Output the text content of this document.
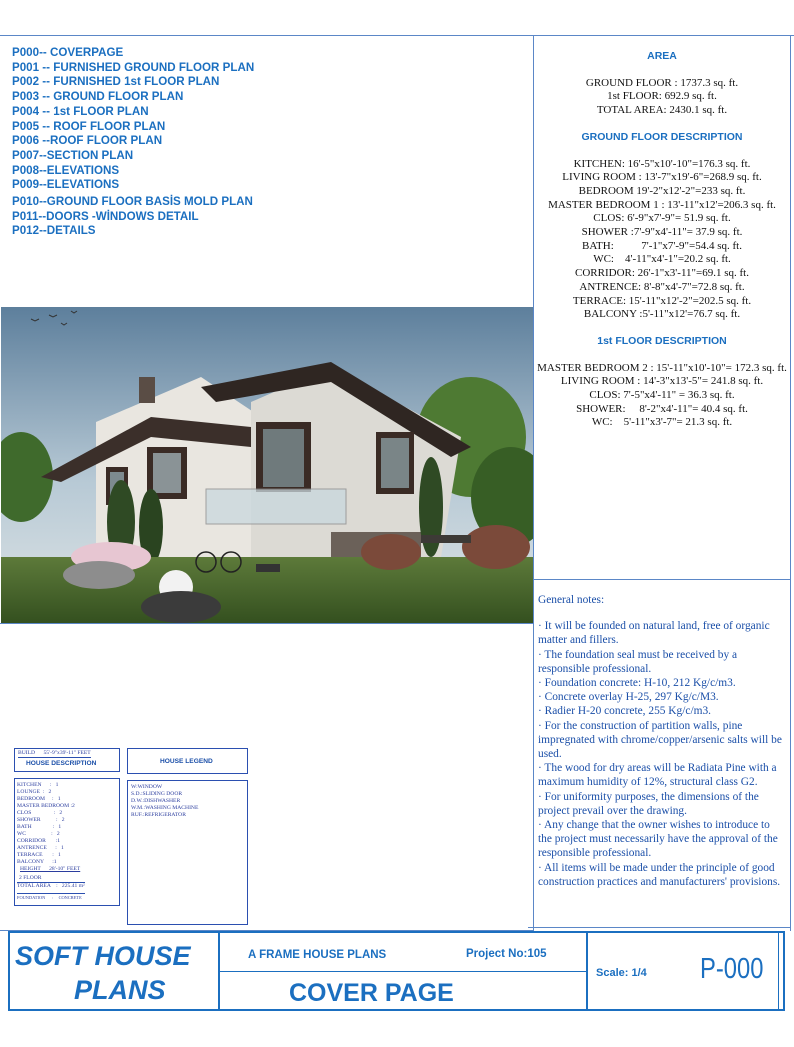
P000-- COVERPAGE
P001 -- FURNISHED GROUND FLOOR PLAN
P002 -- FURNISHED 1st FLOOR PLAN
P003 -- GROUND FLOOR PLAN
P004 -- 1st FLOOR PLAN
P005 -- ROOF FLOOR PLAN
P006 --ROOF FLOOR PLAN
P007--SECTION PLAN
P008--ELEVATIONS
P009--ELEVATIONS
P010--GROUND FLOOR BASİS MOLD PLAN
P011--DOORS -WİNDOWS DETAIL
P012--DETAILS
AREA
GROUND FLOOR : 1737.3 sq. ft.
1st FLOOR: 692.9 sq. ft.
TOTAL AREA: 2430.1 sq. ft.
GROUND FLOOR DESCRIPTION
KITCHEN: 16'-5"x10'-10"=176.3 sq. ft.
LIVING ROOM : 13'-7"x19'-6"=268.9 sq. ft.
BEDROOM 19'-2"x12'-2"=233 sq. ft.
MASTER BEDROOM 1 : 13'-11"x12'=206.3 sq. ft.
CLOS: 6'-9"x7'-9"= 51.9 sq. ft.
SHOWER :7'-9"x4'-11"= 37.9 sq. ft.
BATH:          7'-1"x7'-9"=54.4 sq. ft.
WC:    4'-11"x4'-1"=20.2 sq. ft.
CORRIDOR: 26'-1"x3'-11"=69.1 sq. ft.
ANTRENCE: 8'-8"x4'-7"=72.8 sq. ft.
TERRACE: 15'-11"x12'-2"=202.5 sq. ft.
BALCONY :5'-11"x12'=76.7 sq. ft.
1st FLOOR DESCRIPTION
MASTER BEDROOM 2 : 15'-11"x10'-10"= 172.3 sq. ft.
LIVING ROOM : 14'-3"x13'-5"= 241.8 sq. ft.
CLOS: 7'-5"x4'-11" = 36.3 sq. ft.
SHOWER:     8'-2"x4'-11"= 40.4 sq. ft.
WC:    5'-11"x3'-7"= 21.3 sq. ft.

General notes:

· It will be founded on natural land, free of organic matter and fillers.

· The foundation seal must be received by a responsible professional.

· Foundation concrete: H-10, 212 Kg/c/m3.

· Concrete overlay H-25, 297 Kg/c/M3.

· Radier H-20 concrete, 255 Kg/c/m3.

· For the construction of partition walls, pine impregnated with chrome/copper/arsenic salts will be used.

· The wood for dry areas will be Radiata Pine with a maximum humidity of 12%, structural class G2.

· For uniformity purposes, the dimensions of the project prevail over the drawing.

· Any change that the owner wishes to introduce to the project must necessarily have the approval of the responsible professional.

· All items will be made under the principle of good construction practices and manufacturers' provisions.

BUILD      55'-9"x39'-11" FEET
HOUSE DESCRIPTION
KITCHEN      :   1
LOUNGE  :   2
BEDROOM     :   1
MASTER BEDROOM :2
CLOS                :   2
SHOWER           :   2
BATH               :   1
WC                  :   2
CORRIDOR       :1
ANTRENCE      :   1
TERRACE       :   1
BALCONY      :1
HEIGHT      28'-10" FEET
2 FLOOR
TOTAL AREA    :   225.41 m²
FOUNDATION      :     CONCRETE
HOUSE LEGEND
W:WINDOW
S.D.:SLIDING DOOR
D.W.:DISHWASHER
W.M.:WASHING MACHINE
RUF.:REFRIGERATOR
SOFT HOUSE
PLANS
A FRAME HOUSE PLANS	Project No:105
COVER PAGE
Scale: 1/4 P-000
